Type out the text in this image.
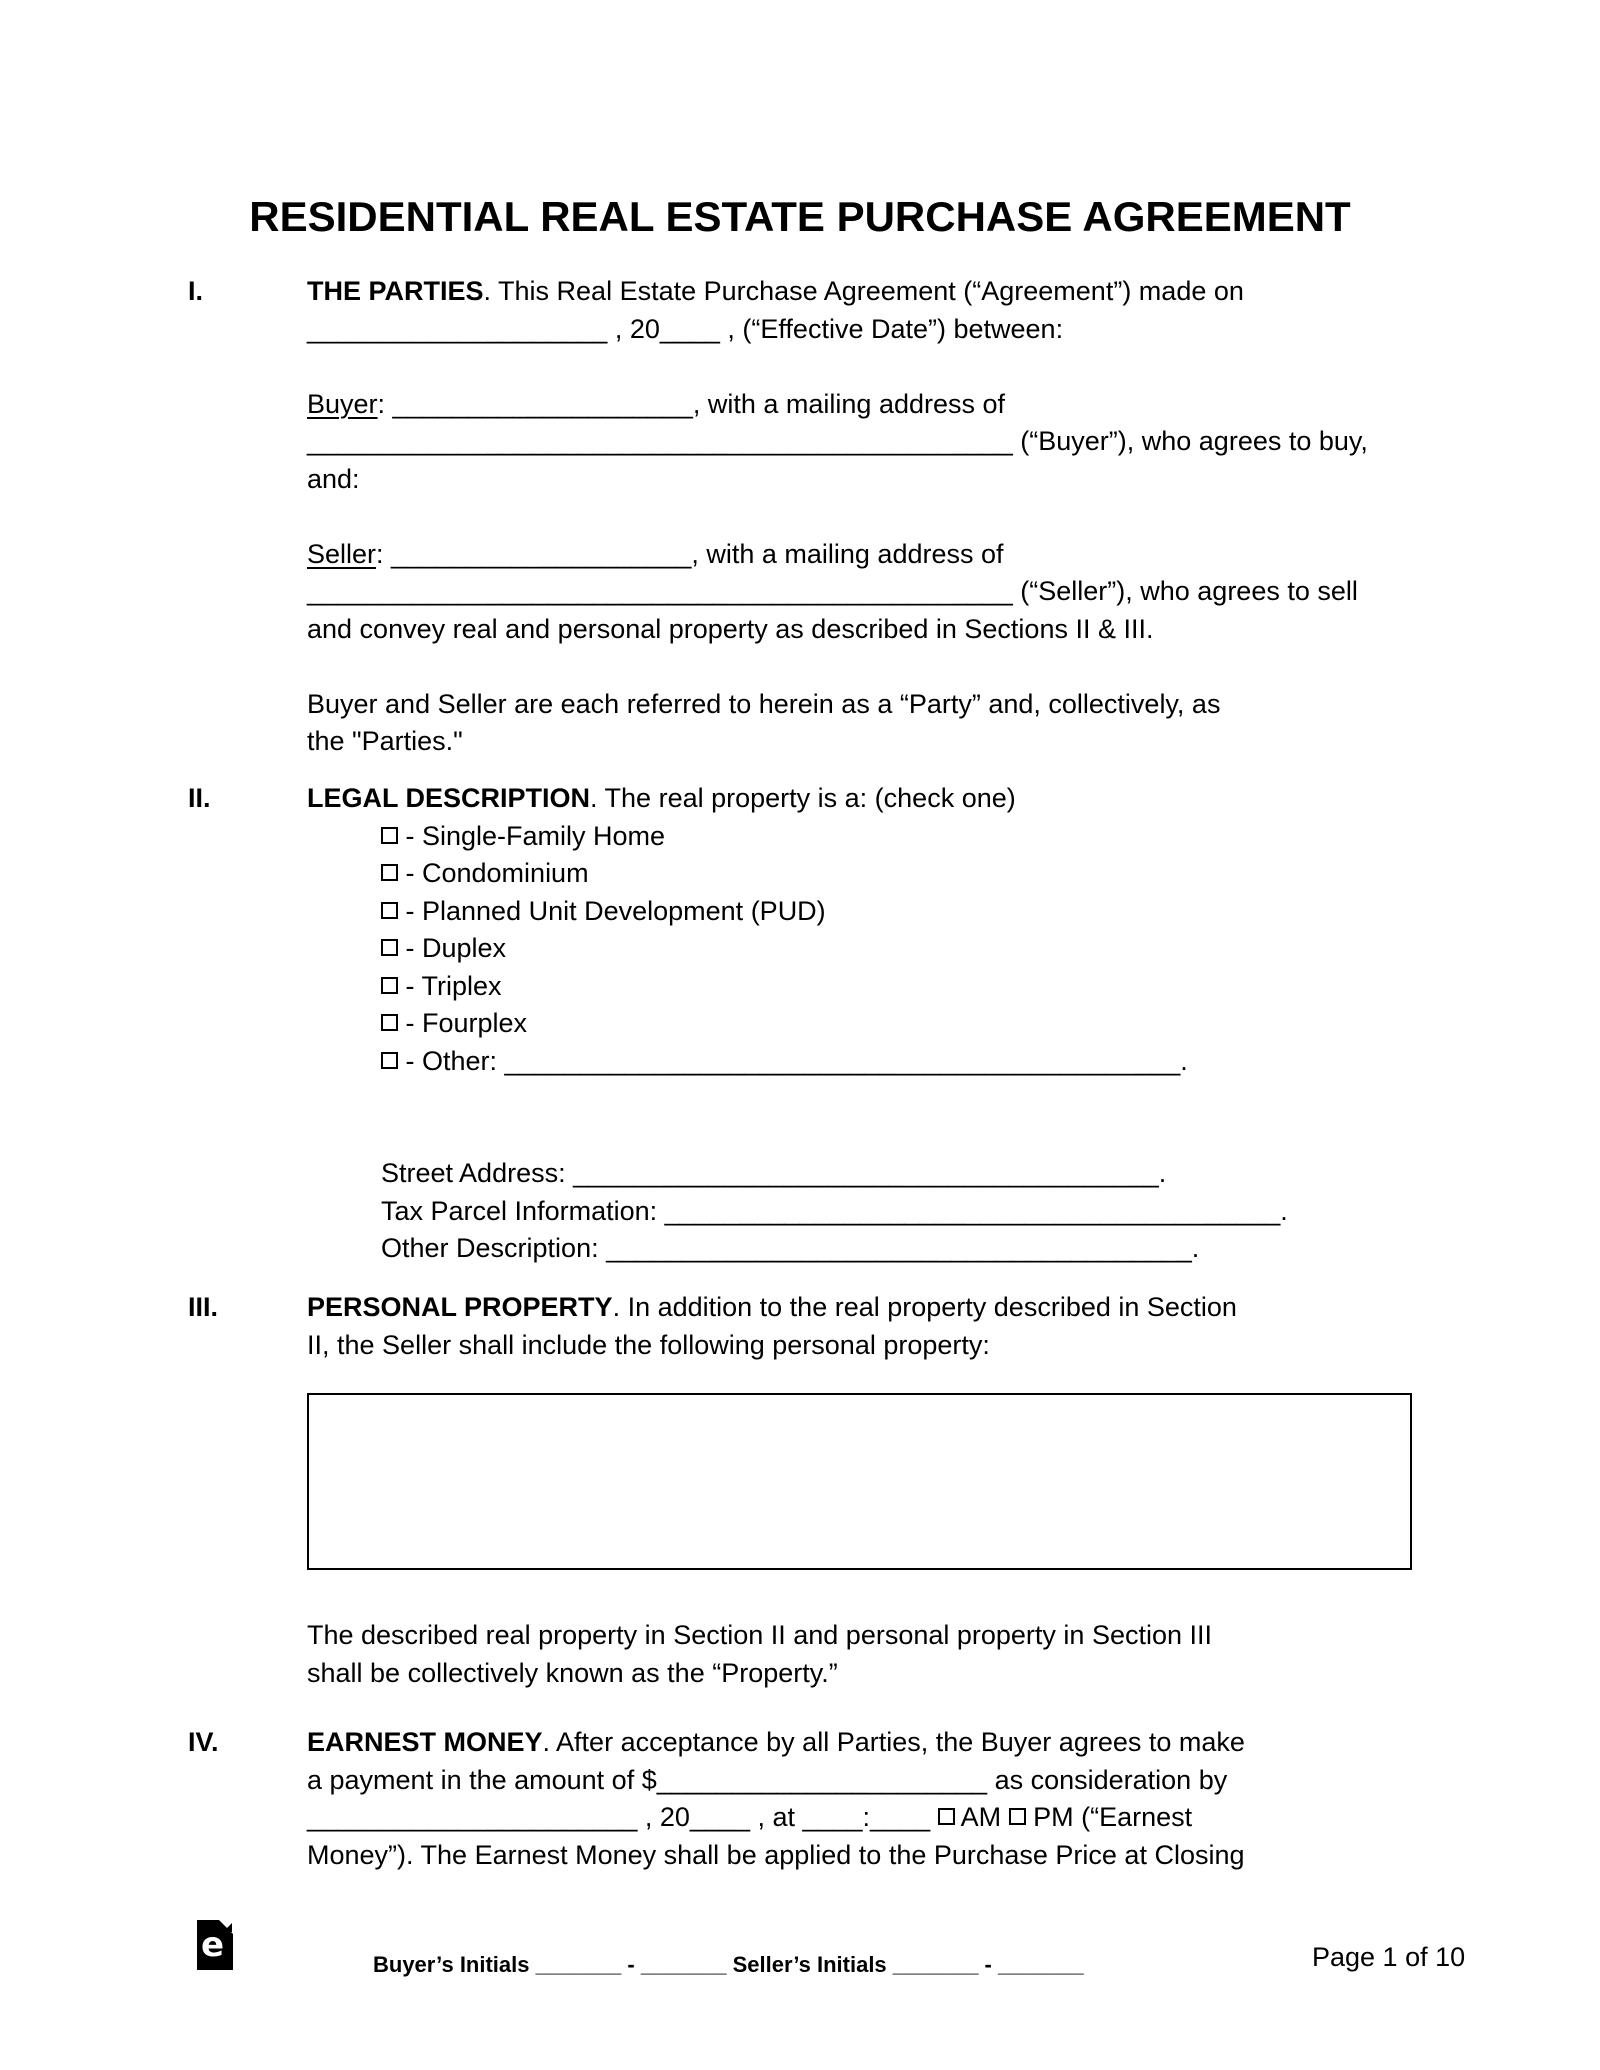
RESIDENTIAL REAL ESTATE PURCHASE AGREEMENT
I.	THE PARTIES. This Real Estate Purchase Agreement (“Agreement”) made on
____________________ , 20____ , (“Effective Date”) between:
Buyer: ____________________, with a mailing address of
_______________________________________________ (“Buyer”), who agrees to buy,
and:
Seller: ____________________, with a mailing address of
_______________________________________________ (“Seller”), who agrees to sell
and convey real and personal property as described in Sections II & III.
Buyer and Seller are each referred to herein as a “Party” and, collectively, as
the "Parties."
II.	LEGAL DESCRIPTION. The real property is a: (check one)
- Single-Family Home
- Condominium
- Planned Unit Development (PUD)
- Duplex
- Triplex
- Fourplex
- Other: _____________________________________________.
Street Address: _______________________________________.
Tax Parcel Information: _________________________________________.
Other Description: _______________________________________.
III.	PERSONAL PROPERTY. In addition to the real property described in Section
II, the Seller shall include the following personal property:
The described real property in Section II and personal property in Section III
shall be collectively known as the “Property.”
IV.	EARNEST MONEY. After acceptance by all Parties, the Buyer agrees to make
a payment in the amount of $______________________ as consideration by
______________________ , 20____ , at ____:____  AM  PM (“Earnest
Money”). The Earnest Money shall be applied to the Purchase Price at Closing
e	Buyer’s Initials _______ - _______ Seller’s Initials _______ - _______	Page 1 of 10
